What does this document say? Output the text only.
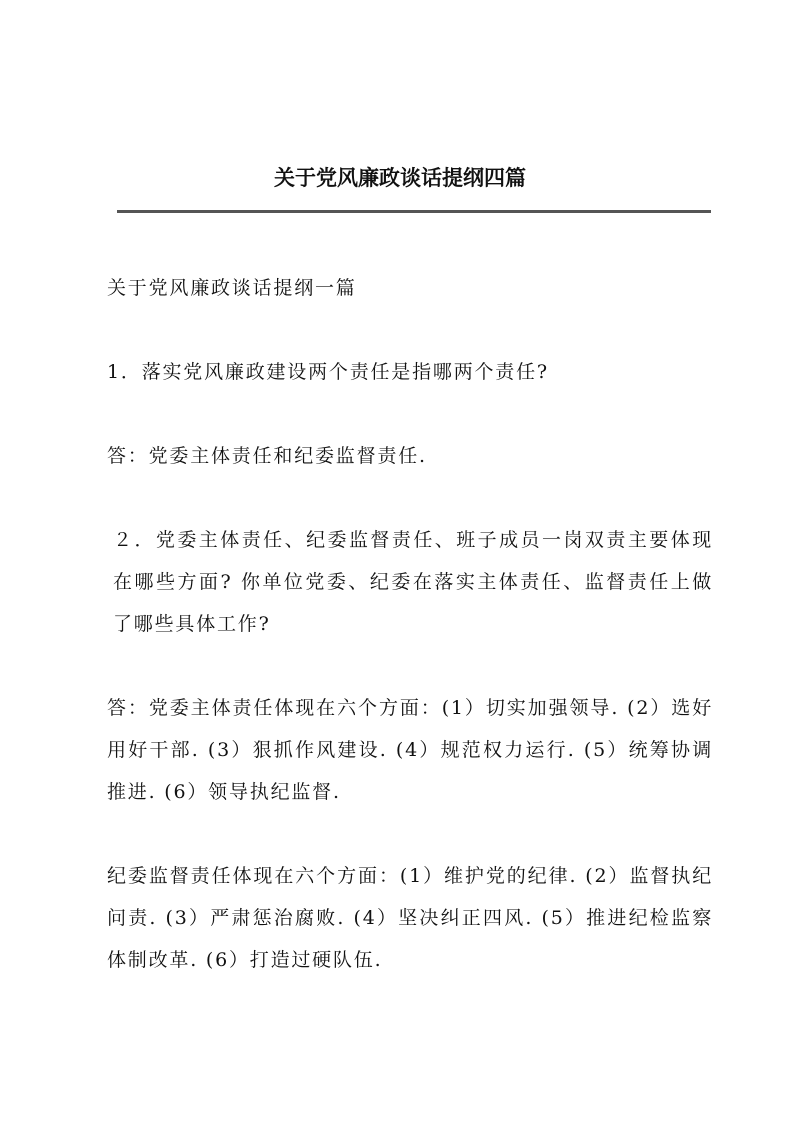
关于党风廉政谈话提纲四篇

关于党风廉政谈话提纲一篇

1．落实党风廉政建设两个责任是指哪两个责任?

答：党委主体责任和纪委监督责任.

２．党委主体责任、纪委监督责任、班子成员一岗双责主要体现在哪些方面? 你单位党委、纪委在落实主体责任、监督责任上做了哪些具体工作?

答：党委主体责任体现在六个方面：(1）切实加强领导. (2）选好用好干部. (3）狠抓作风建设. (4）规范权力运行. (5）统筹协调推进. (6）领导执纪监督.

纪委监督责任体现在六个方面：(1）维护党的纪律. (2）监督执纪问责. (3）严肃惩治腐败. (4）坚决纠正四风. (5）推进纪检监察体制改革. (6）打造过硬队伍.
